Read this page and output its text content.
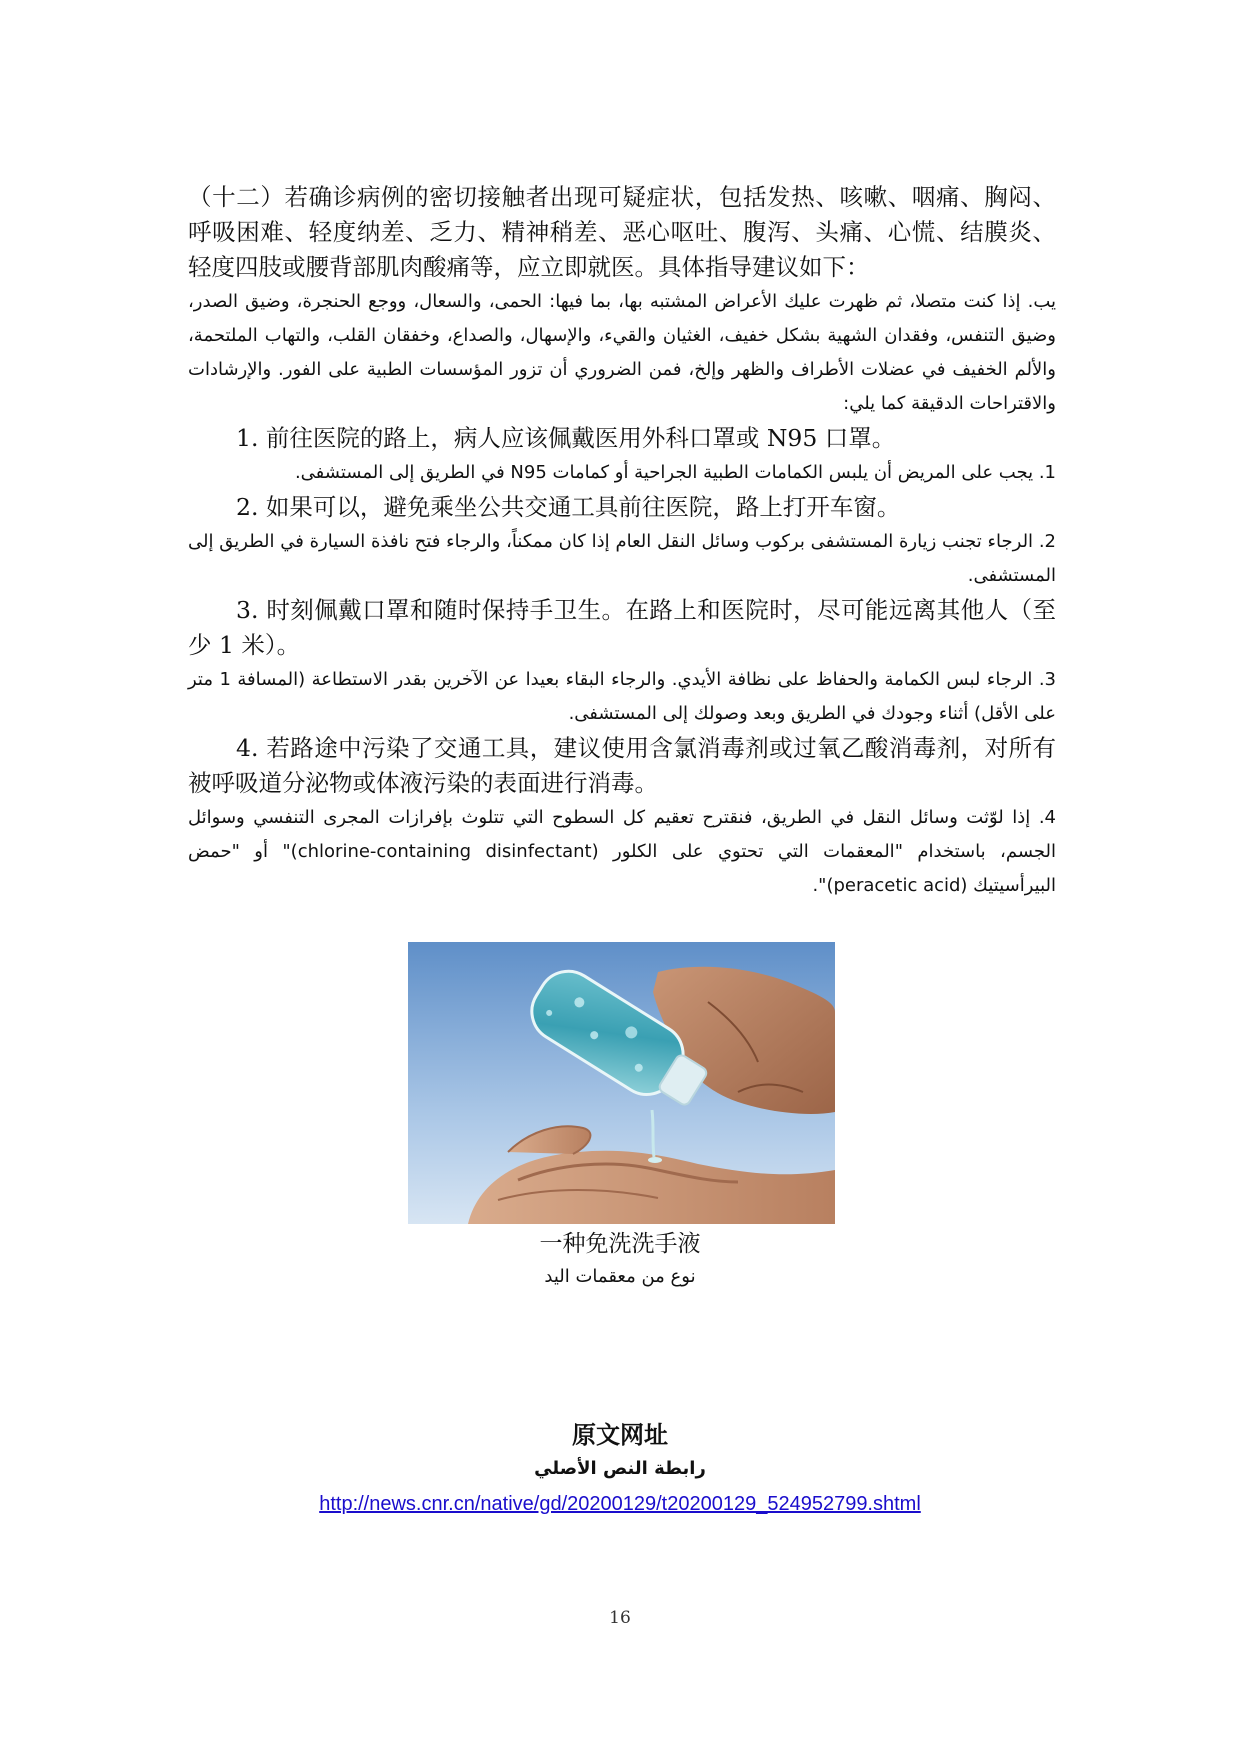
（十二）若确诊病例的密切接触者出现可疑症状，包括发热、咳嗽、咽痛、胸闷、呼吸困难、轻度纳差、乏力、精神稍差、恶心呕吐、腹泻、头痛、心慌、结膜炎、轻度四肢或腰背部肌肉酸痛等，应立即就医。具体指导建议如下：

يب. إذا كنت متصلا، ثم ظهرت عليك الأعراض المشتبه بها، بما فيها: الحمى، والسعال، ووجع الحنجرة، وضيق الصدر، وضيق التنفس، وفقدان الشهية بشكل خفيف، الغثيان والقيء، والإسهال، والصداع، وخفقان القلب، والتهاب الملتحمة، والألم الخفيف في عضلات الأطراف والظهر وإلخ، فمن الضروري أن تزور المؤسسات الطبية على الفور. والإرشادات والاقتراحات الدقيقة كما يلي:

1. 前往医院的路上，病人应该佩戴医用外科口罩或 N95 口罩。

1. يجب على المريض أن يلبس الكمامات الطبية الجراحية أو كمامات N95 في الطريق إلى المستشفى.

2. 如果可以，避免乘坐公共交通工具前往医院，路上打开车窗。

2. الرجاء تجنب زيارة المستشفى بركوب وسائل النقل العام إذا كان ممكناً، والرجاء فتح نافذة السيارة في الطريق إلى المستشفى.

3. 时刻佩戴口罩和随时保持手卫生。在路上和医院时，尽可能远离其他人（至少 1 米）。

3. الرجاء لبس الكمامة والحفاظ على نظافة الأيدي. والرجاء البقاء بعيدا عن الآخرين بقدر الاستطاعة (المسافة 1 متر على الأقل) أثناء وجودك في الطريق وبعد وصولك إلى المستشفى.

4. 若路途中污染了交通工具，建议使用含氯消毒剂或过氧乙酸消毒剂，对所有被呼吸道分泌物或体液污染的表面进行消毒。

4. إذا لوّثت وسائل النقل في الطريق، فنقترح تعقيم كل السطوح التي تتلوث بإفرازات المجرى التنفسي وسوائل الجسم، باستخدام "المعقمات التي تحتوي على الكلور (chlorine-containing disinfectant)" أو "حمض البيرأسيتيك (peracetic acid)".

一种免洗洗手液
نوع من معقمات اليد
原文网址
رابطة النص الأصلي
http://news.cnr.cn/native/gd/20200129/t20200129_524952799.shtml
16
